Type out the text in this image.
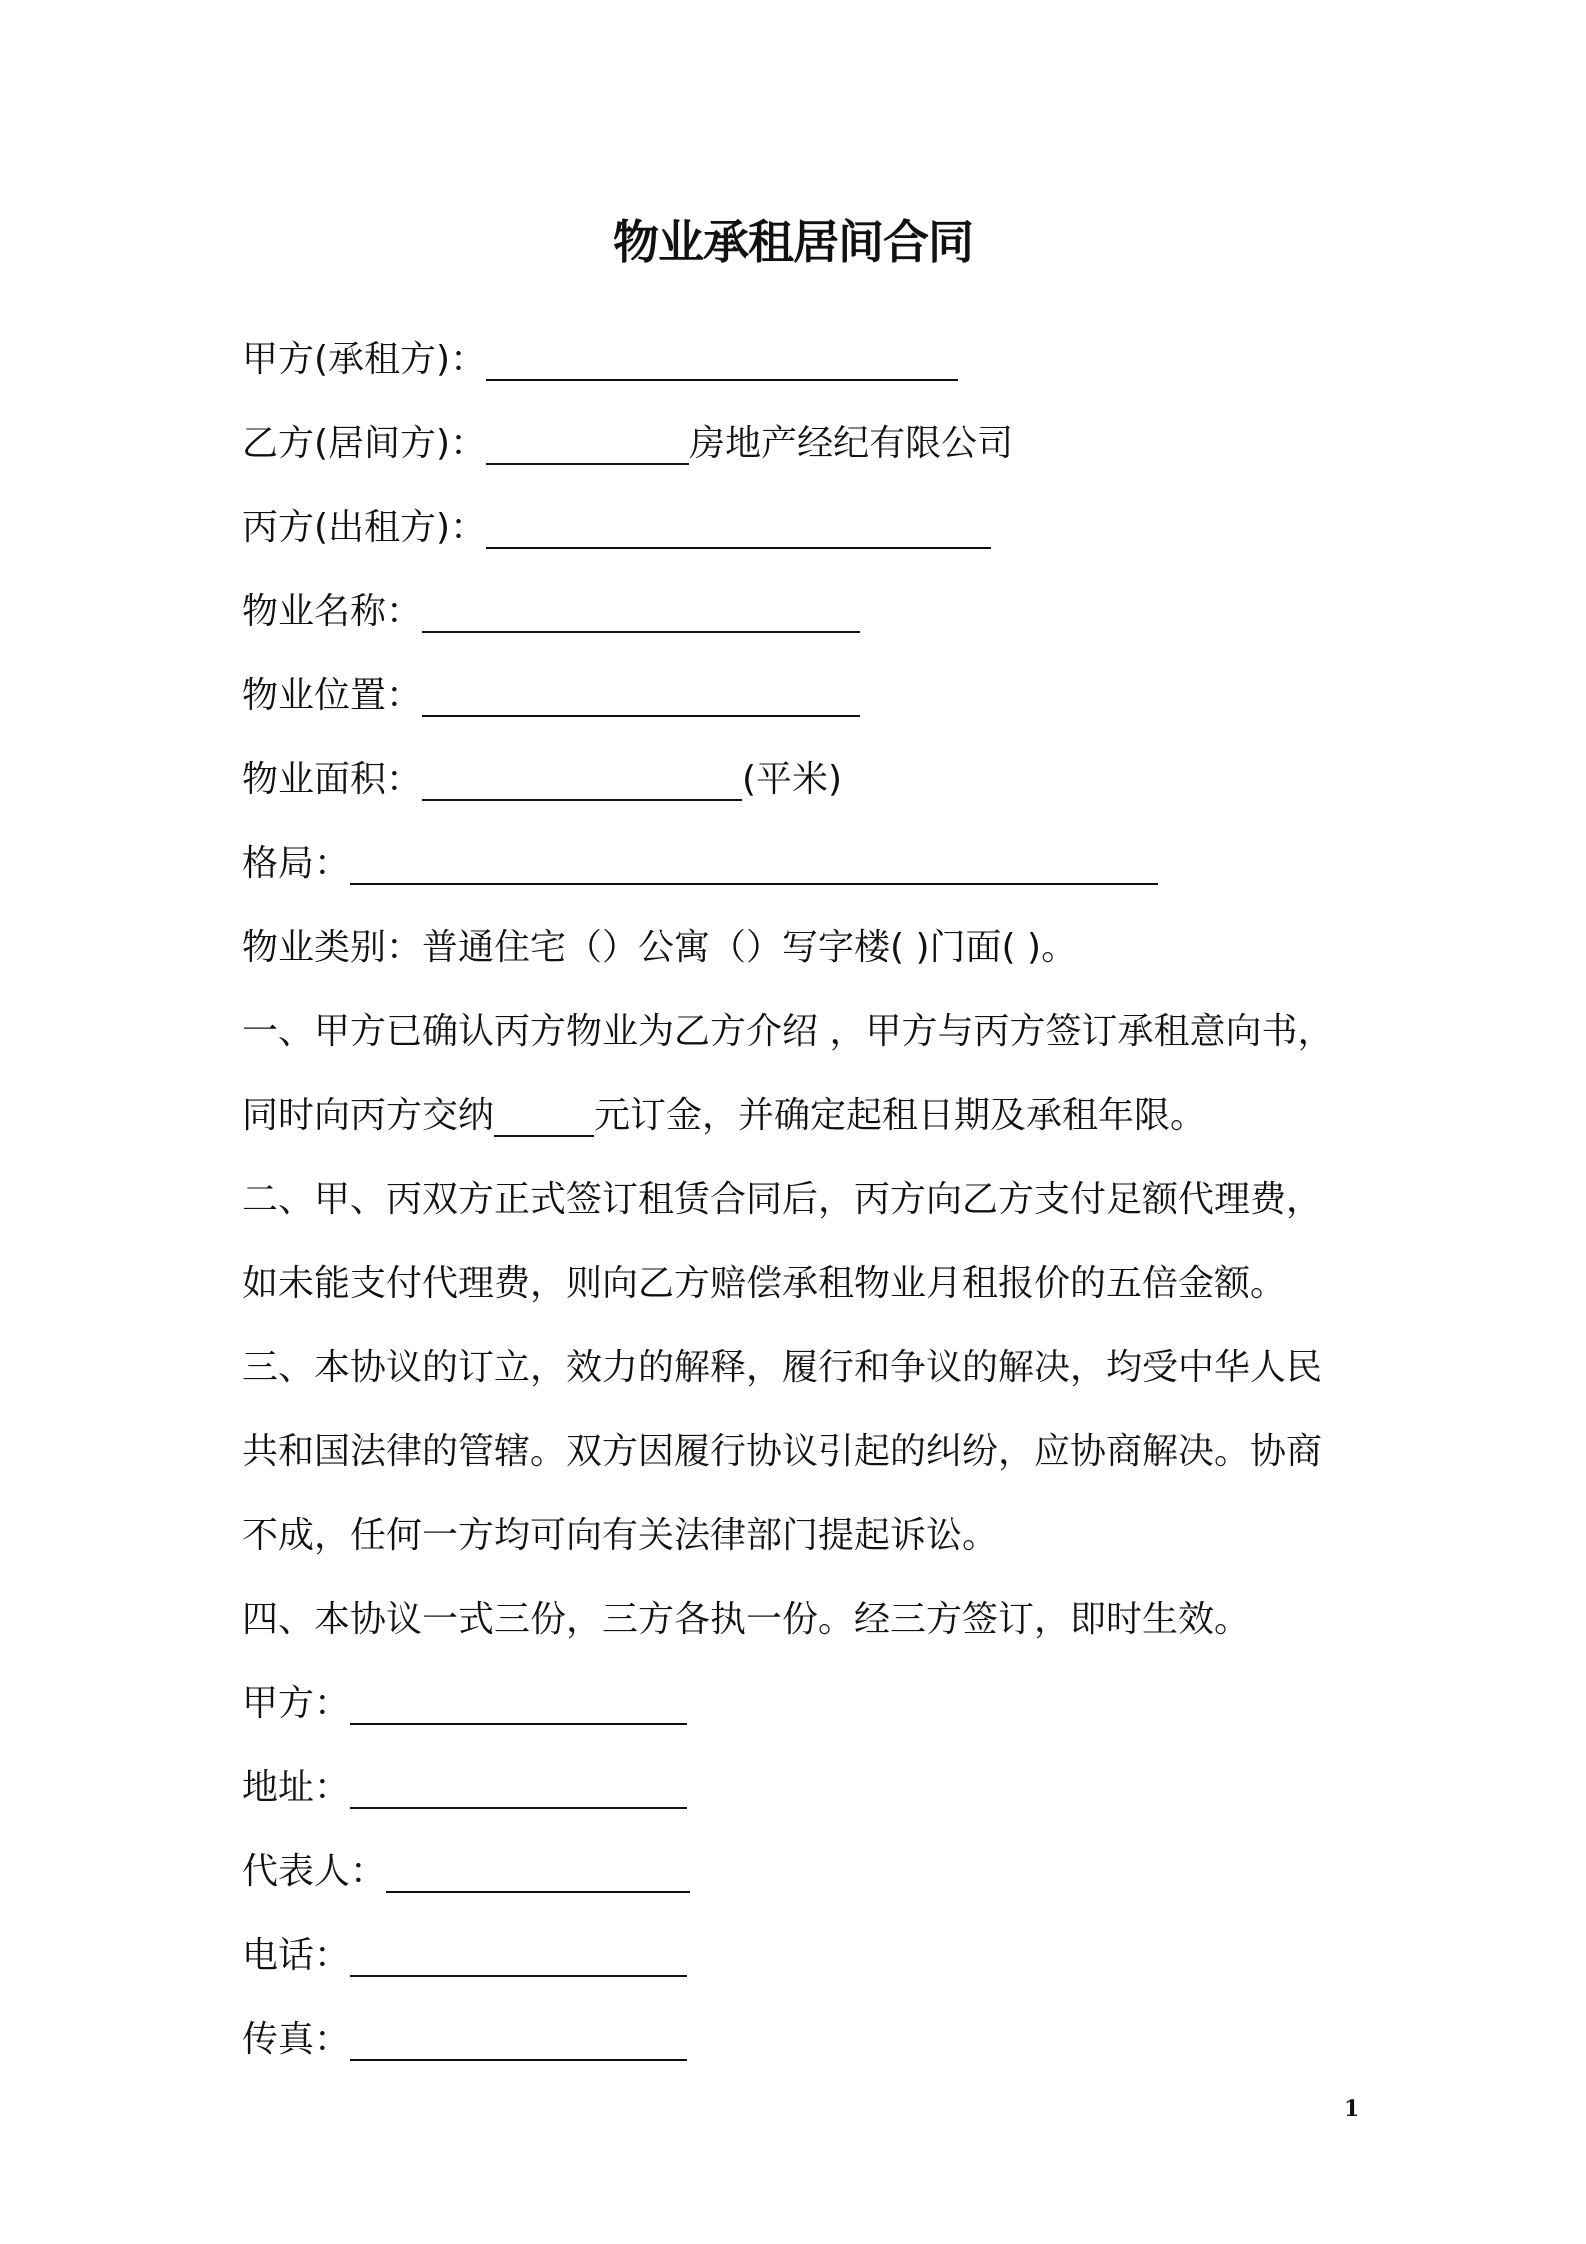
物业承租居间合同
甲方(承租方)：
乙方(居间方)：	房地产经纪有限公司
丙方(出租方)：
物业名称：
物业位置：
物业面积：	(平米)
格局：
物业类别：普通住宅（）公寓（）写字楼( )门面( )。
一、甲方已确认丙方物业为乙方介绍 ，甲方与丙方签订承租意向书，
同时向丙方交纳	元订金，并确定起租日期及承租年限。
二、甲、丙双方正式签订租赁合同后，丙方向乙方支付足额代理费，
如未能支付代理费，则向乙方赔偿承租物业月租报价的五倍金额。
三、本协议的订立，效力的解释，履行和争议的解决，均受中华人民
共和国法律的管辖。双方因履行协议引起的纠纷，应协商解决。协商
不成，任何一方均可向有关法律部门提起诉讼。
四、本协议一式三份，三方各执一份。经三方签订，即时生效。
甲方：
地址：
代表人：
电话：
传真：
1
